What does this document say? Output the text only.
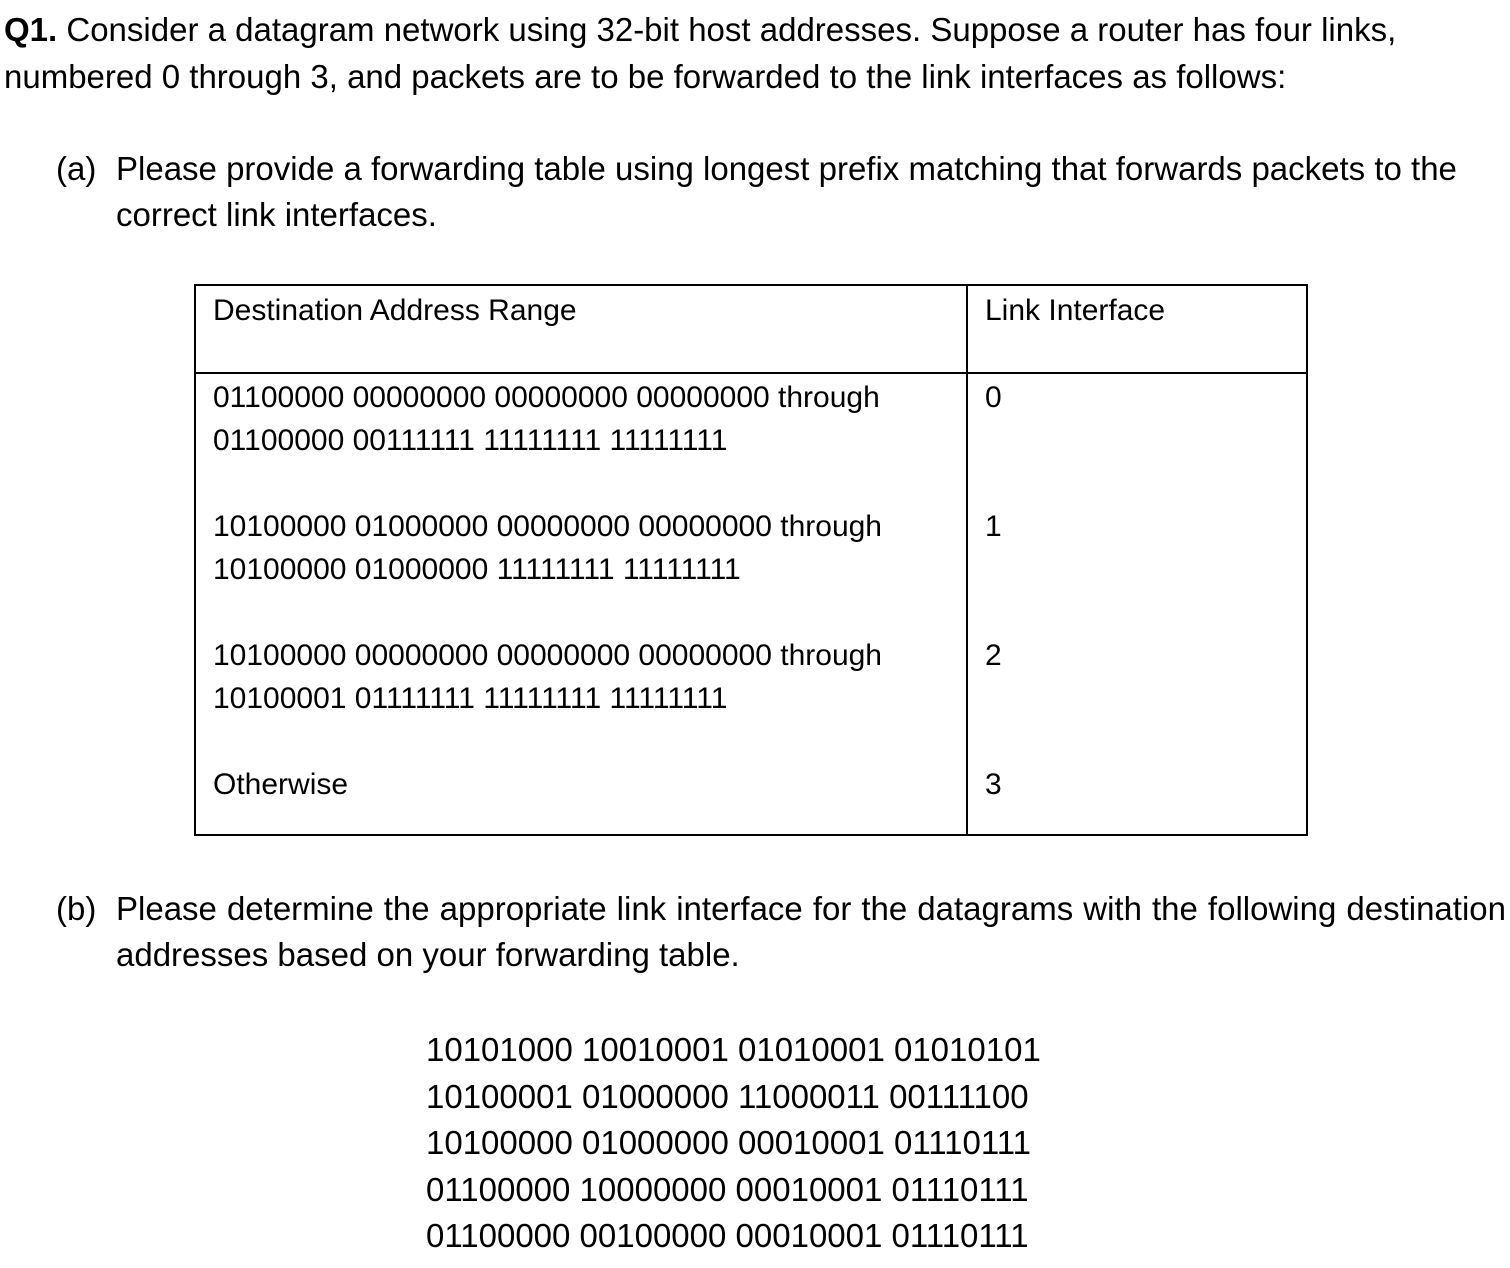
Q1. Consider a datagram network using 32-bit host addresses. Suppose a router has four links, numbered 0 through 3, and packets are to be forwarded to the link interfaces as follows:
(a) Please provide a forwarding table using longest prefix matching that forwards packets to the correct link interfaces.
Destination Address Range	Link Interface

01100000 00000000 00000000 00000000 through
01100000 00111111 11111111 11111111	0

10100000 01000000 00000000 00000000 through
10100000 01000000 11111111 11111111	1

10100000 00000000 00000000 00000000 through
10100001 01111111 11111111 11111111	2

Otherwise	3
(b) Please determine the appropriate link interface for the datagrams with the following destination addresses based on your forwarding table.
10101000 10010001 01010001 01010101
10100001 01000000 11000011 00111100
10100000 01000000 00010001 01110111
01100000 10000000 00010001 01110111
01100000 00100000 00010001 01110111
